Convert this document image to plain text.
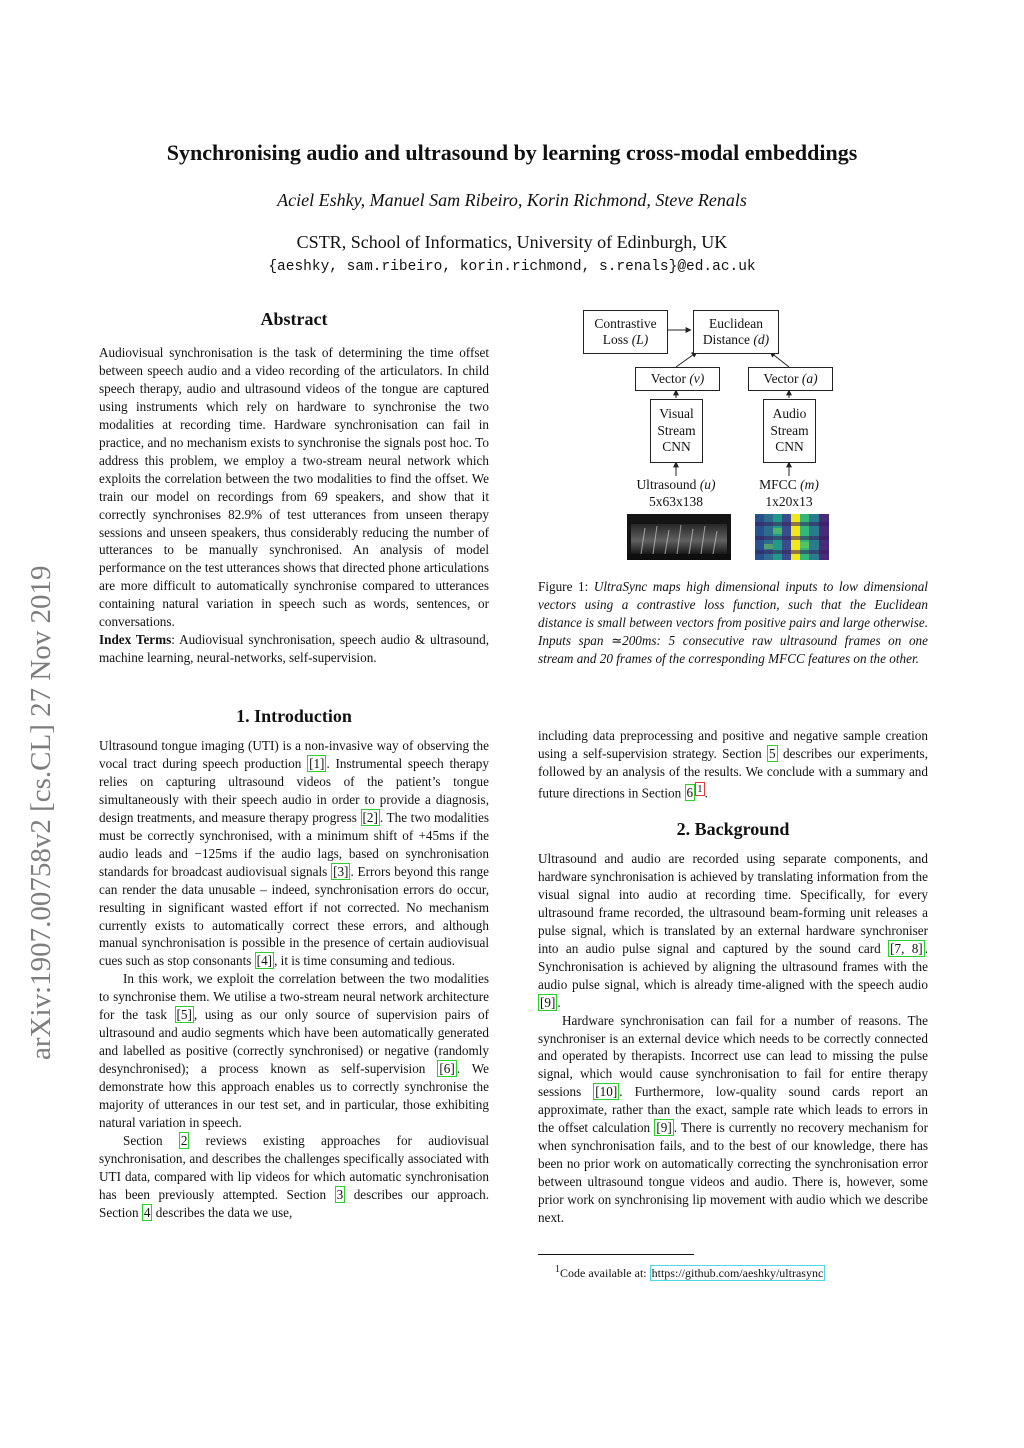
Synchronising audio and ultrasound by learning cross-modal embeddings
Aciel Eshky, Manuel Sam Ribeiro, Korin Richmond, Steve Renals
CSTR, School of Informatics, University of Edinburgh, UK
{aeshky, sam.ribeiro, korin.richmond, s.renals}@ed.ac.uk
arXiv:1907.00758v2 [cs.CL] 27 Nov 2019
Abstract

Audiovisual synchronisation is the task of determining the time offset between speech audio and a video recording of the articulators. In child speech therapy, audio and ultrasound videos of the tongue are captured using instruments which rely on hardware to synchronise the two modalities at recording time. Hardware synchronisation can fail in practice, and no mechanism exists to synchronise the signals post hoc. To address this problem, we employ a two-stream neural network which exploits the correlation between the two modalities to find the offset. We train our model on recordings from 69 speakers, and show that it correctly synchronises 82.9% of test utterances from unseen therapy sessions and unseen speakers, thus considerably reducing the number of utterances to be manually synchronised. An analysis of model performance on the test utterances shows that directed phone articulations are more difficult to automatically synchronise compared to utterances containing natural variation in speech such as words, sentences, or conversations.

Index Terms: Audiovisual synchronisation, speech audio & ultrasound, machine learning, neural-networks, self-supervision.

1. Introduction

Ultrasound tongue imaging (UTI) is a non-invasive way of observing the vocal tract during speech production [1] . Instrumental speech therapy relies on capturing ultrasound videos of the patient’s tongue simultaneously with their speech audio in order to provide a diagnosis, design treatments, and measure therapy progress [2] . The two modalities must be correctly synchronised, with a minimum shift of +45ms if the audio leads and −125ms if the audio lags, based on synchronisation standards for broadcast audiovisual signals [3] . Errors beyond this range can render the data unusable – indeed, synchronisation errors do occur, resulting in significant wasted effort if not corrected. No mechanism currently exists to automatically correct these errors, and although manual synchronisation is possible in the presence of certain audiovisual cues such as stop consonants [4] , it is time consuming and tedious.

In this work, we exploit the correlation between the two modalities to synchronise them. We utilise a two-stream neural network architecture for the task [5] , using as our only source of supervision pairs of ultrasound and audio segments which have been automatically generated and labelled as positive (correctly synchronised) or negative (randomly desynchronised); a process known as self-supervision [6] . We demonstrate how this approach enables us to correctly synchronise the majority of utterances in our test set, and in particular, those exhibiting natural variation in speech.

Section 2 reviews existing approaches for audiovisual synchronisation, and describes the challenges specifically associated with UTI data, compared with lip videos for which automatic synchronisation has been previously attempted. Section 3 describes our approach. Section 4 describes the data we use,

Contrastive
Loss (L)
Euclidean
Distance (d)
Vector (v)	Vector (a)
Visual
Stream
CNN
Audio
Stream
CNN
Ultrasound (u)
5x63x138
MFCC (m)
1x20x13
Figure 1: UltraSync maps high dimensional inputs to low dimensional vectors using a contrastive loss function, such that the Euclidean distance is small between vectors from positive pairs and large otherwise. Inputs span ≃200ms: 5 consecutive raw ultrasound frames on one stream and 20 frames of the corresponding MFCC features on the other.

including data preprocessing and positive and negative sample creation using a self-supervision strategy. Section 5 describes our experiments, followed by an analysis of the results. We conclude with a summary and future directions in Section 6 $^1$ .

2. Background

Ultrasound and audio are recorded using separate components, and hardware synchronisation is achieved by translating information from the visual signal into audio at recording time. Specifically, for every ultrasound frame recorded, the ultrasound beam-forming unit releases a pulse signal, which is translated by an external hardware synchroniser into an audio pulse signal and captured by the sound card [7, 8] . Synchronisation is achieved by aligning the ultrasound frames with the audio pulse signal, which is already time-aligned with the speech audio [9] .

Hardware synchronisation can fail for a number of reasons. The synchroniser is an external device which needs to be correctly connected and operated by therapists. Incorrect use can lead to missing the pulse signal, which would cause synchronisation to fail for entire therapy sessions [10] . Furthermore, low-quality sound cards report an approximate, rather than the exact, sample rate which leads to errors in the offset calculation [9] . There is currently no recovery mechanism for when synchronisation fails, and to the best of our knowledge, there has been no prior work on automatically correcting the synchronisation error between ultrasound tongue videos and audio. There is, however, some prior work on synchronising lip movement with audio which we describe next.

$^1$Code available at: https://github.com/aeshky/ultrasync
